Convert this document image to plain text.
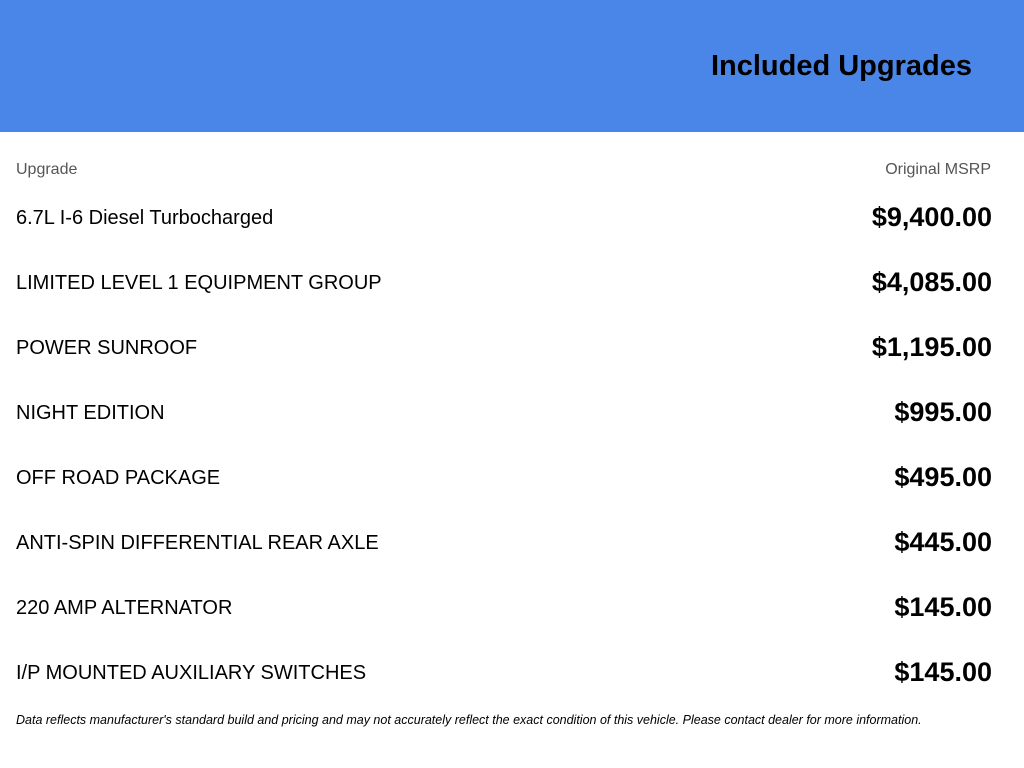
Included Upgrades
Upgrade	Original MSRP
6.7L I-6 Diesel Turbocharged	$9,400.00
LIMITED LEVEL 1 EQUIPMENT GROUP	$4,085.00
POWER SUNROOF	$1,195.00
NIGHT EDITION	$995.00
OFF ROAD PACKAGE	$495.00
ANTI-SPIN DIFFERENTIAL REAR AXLE	$445.00
220 AMP ALTERNATOR	$145.00
I/P MOUNTED AUXILIARY SWITCHES	$145.00
Data reflects manufacturer's standard build and pricing and may not accurately reflect the exact condition of this vehicle. Please contact dealer for more information.
